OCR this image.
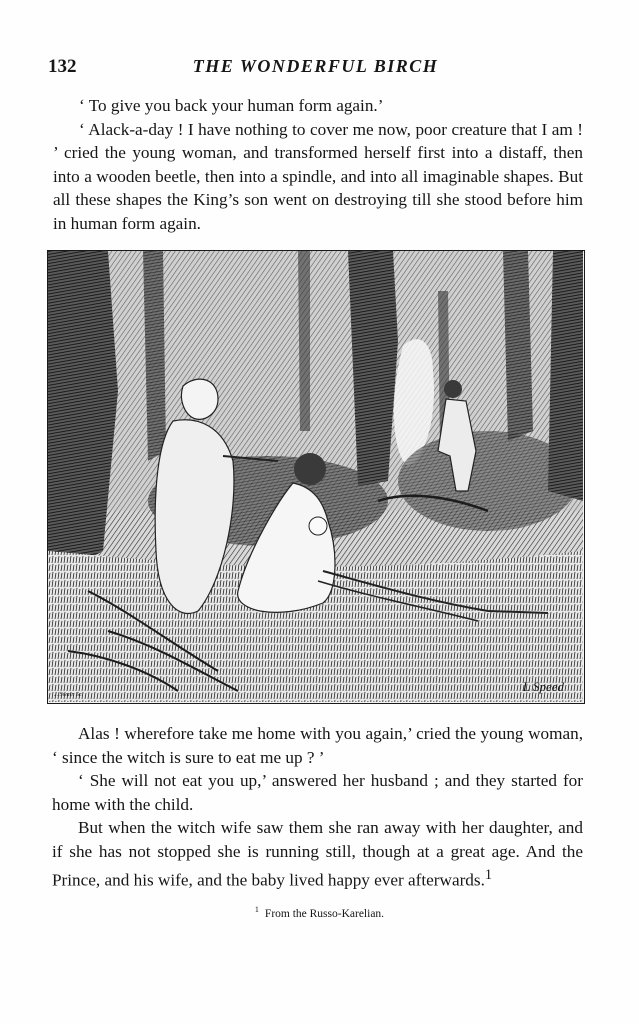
132	THE WONDERFUL BIRCH

‘ To give you back your human form again.’

‘ Alack-a-day ! I have nothing to cover me now, poor creature that I am ! ’ cried the young woman, and transformed herself first into a distaff, then into a wooden beetle, then into a spindle, and into all imaginable shapes. But all these shapes the King’s son went on destroying till she stood before him in human form again.

J. Swain Sc.
L Speed

Alas ! wherefore take me home with you again,’ cried the young woman, ‘ since the witch is sure to eat me up ? ’

‘ She will not eat you up,’ answered her husband ; and they started for home with the child.

But when the witch wife saw them she ran away with her daughter, and if she has not stopped she is running still, though at a great age. And the Prince, and his wife, and the baby lived happy ever afterwards.$^1$

$^1$ From the Russo-Karelian.
